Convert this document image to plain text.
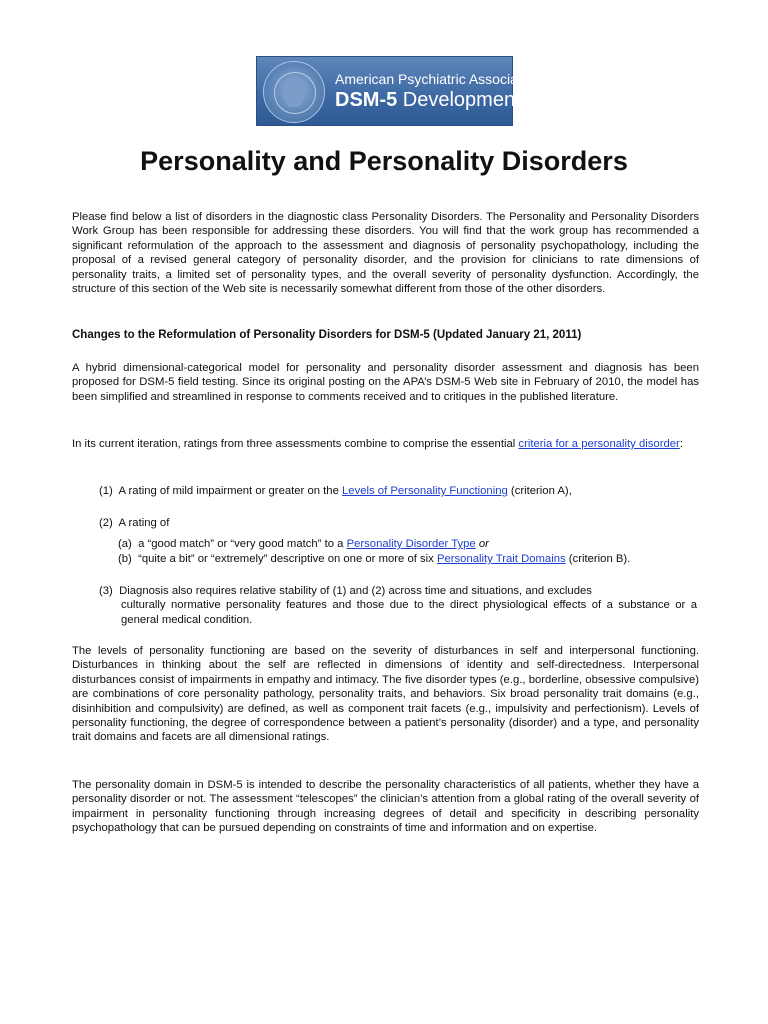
American Psychiatric Association
DSM-5 Development
Personality and Personality Disorders

Please find below a list of disorders in the diagnostic class Personality Disorders. The Personality and Personality Disorders Work Group has been responsible for addressing these disorders. You will find that the work group has recommended a significant reformulation of the approach to the assessment and diagnosis of personality psychopathology, including the proposal of a revised general category of personality disorder, and the provision for clinicians to rate dimensions of personality traits, a limited set of personality types, and the overall severity of personality dysfunction. Accordingly, the structure of this section of the Web site is necessarily somewhat different from those of the other disorders.

Changes to the Reformulation of Personality Disorders for DSM-5 (Updated January 21, 2011)

A hybrid dimensional-categorical model for personality and personality disorder assessment and diagnosis has been proposed for DSM-5 field testing. Since its original posting on the APA’s DSM-5 Web site in February of 2010, the model has been simplified and streamlined in response to comments received and to critiques in the published literature.

In its current iteration, ratings from three assessments combine to comprise the essential criteria for a personality disorder:

(1) A rating of mild impairment or greater on the Levels of Personality Functioning (criterion A),

(2) A rating of

(a) a “good match” or “very good match” to a Personality Disorder Type or

(b) “quite a bit” or “extremely” descriptive on one or more of six Personality Trait Domains (criterion B).

(3) Diagnosis also requires relative stability of (1) and (2) across time and situations, and excludes
culturally normative personality features and those due to the direct physiological effects of a substance or a general medical condition.

The levels of personality functioning are based on the severity of disturbances in self and interpersonal functioning. Disturbances in thinking about the self are reflected in dimensions of identity and self-directedness. Interpersonal disturbances consist of impairments in empathy and intimacy. The five disorder types (e.g., borderline, obsessive compulsive) are combinations of core personality pathology, personality traits, and behaviors. Six broad personality trait domains (e.g., disinhibition and compulsivity) are defined, as well as component trait facets (e.g., impulsivity and perfectionism). Levels of personality functioning, the degree of correspondence between a patient’s personality (disorder) and a type, and personality trait domains and facets are all dimensional ratings.

The personality domain in DSM-5 is intended to describe the personality characteristics of all patients, whether they have a personality disorder or not. The assessment “telescopes” the clinician’s attention from a global rating of the overall severity of impairment in personality functioning through increasing degrees of detail and specificity in describing personality psychopathology that can be pursued depending on constraints of time and information and on expertise.
